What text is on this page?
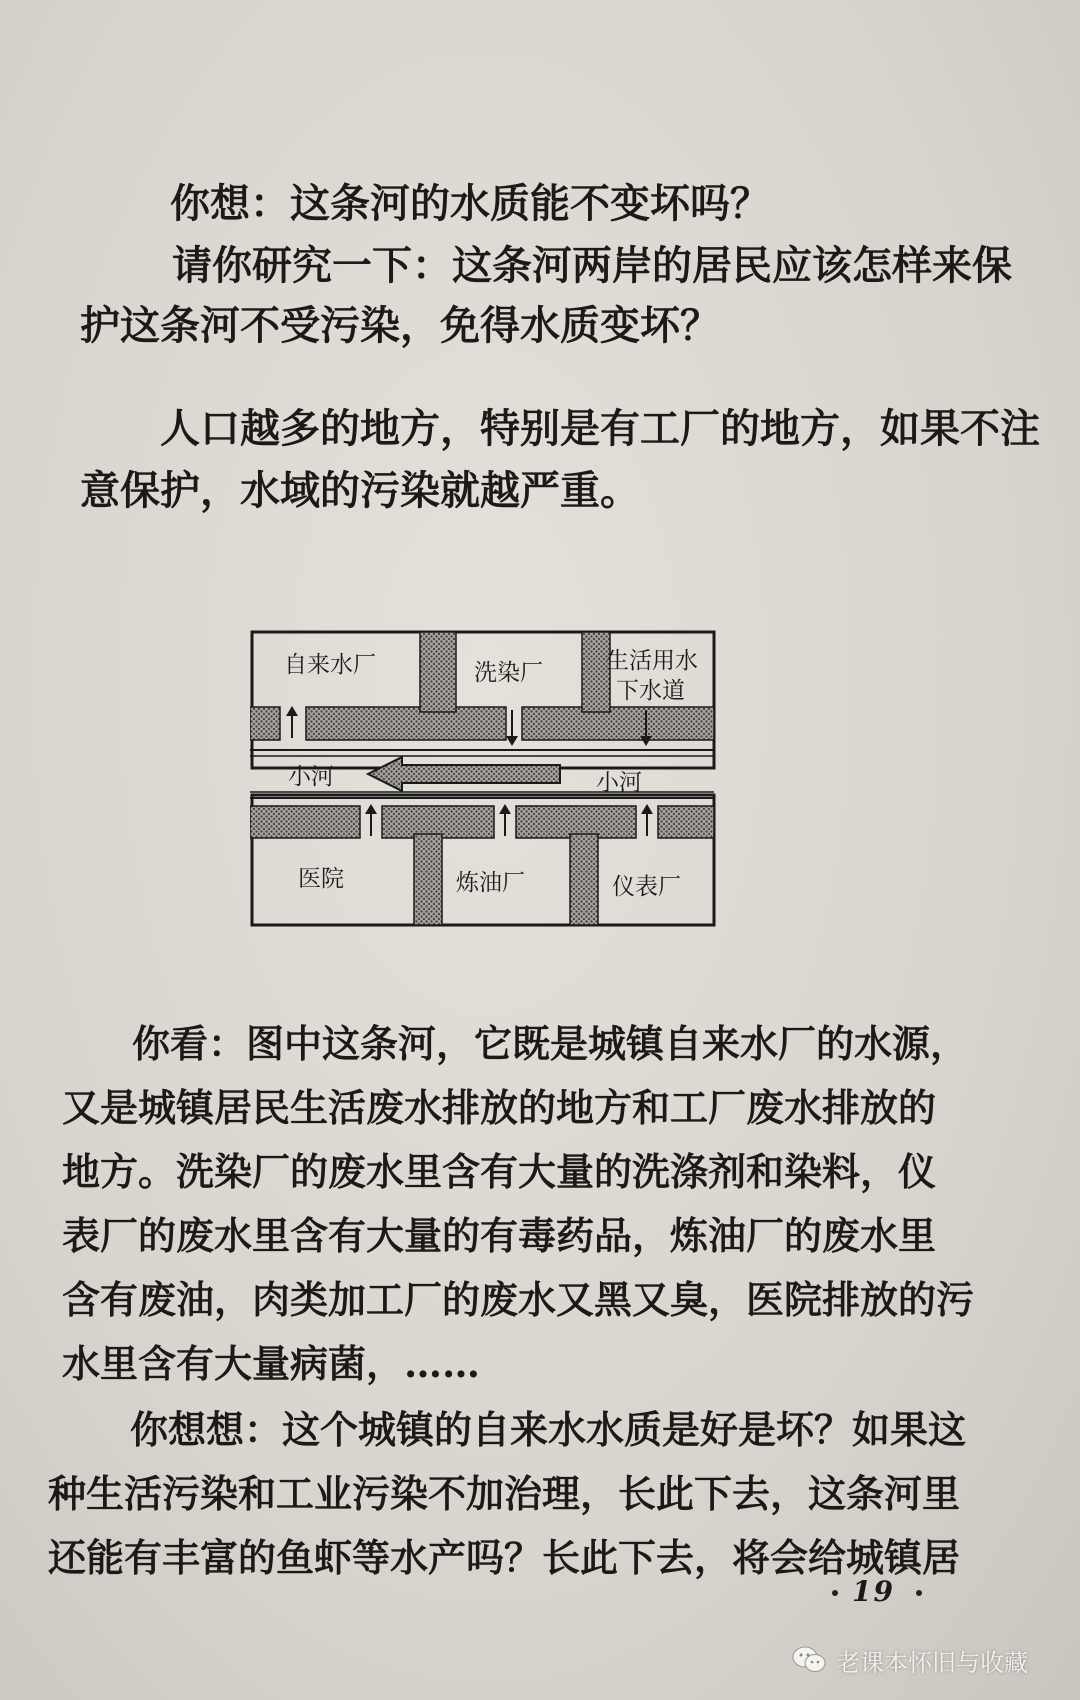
你想：这条河的水质能不变坏吗？

请你研究一下：这条河两岸的居民应该怎样来保
护这条河不受污染，免得水质变坏？

人口越多的地方，特别是有工厂的地方，如果不注
意保护，水域的污染就越严重。

自来水厂	洗染厂	生活用水
下水道
小河	小河
医院	炼油厂	仪表厂

你看：图中这条河，它既是城镇自来水厂的水源，
又是城镇居民生活废水排放的地方和工厂废水排放的
地方。洗染厂的废水里含有大量的洗涤剂和染料，仪
表厂的废水里含有大量的有毒药品，炼油厂的废水里
含有废油，肉类加工厂的废水又黑又臭，医院排放的污
水里含有大量病菌，……

你想想：这个城镇的自来水水质是好是坏？如果这
种生活污染和工业污染不加治理，长此下去，这条河里
还能有丰富的鱼虾等水产吗？长此下去，将会给城镇居

19
老课本怀旧与收藏
